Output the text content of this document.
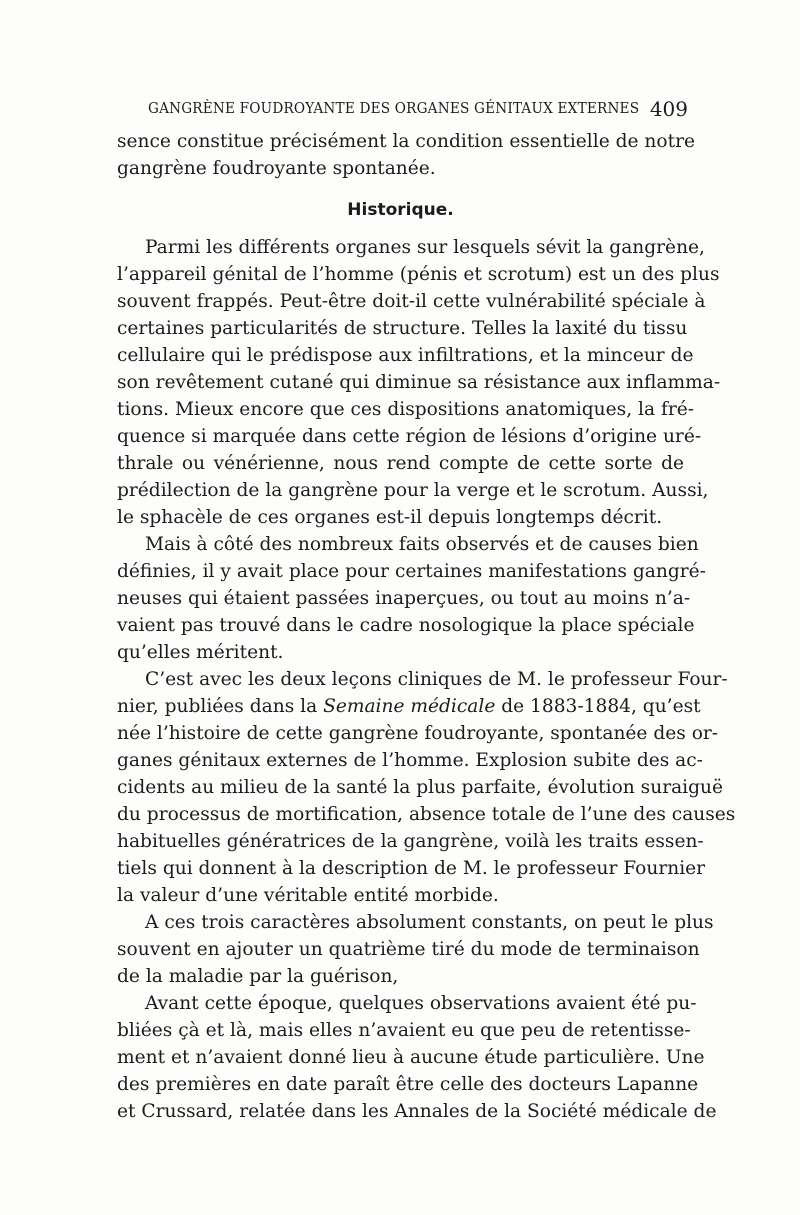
GANGRÈNE FOUDROYANTE DES ORGANES GÉNITAUX EXTERNES 409
sence constitue précisément la condition essentielle de notre
gangrène foudroyante spontanée.
Historique.
Parmi les différents organes sur lesquels sévit la gangrène,
l’appareil génital de l’homme (pénis et scrotum) est un des plus
souvent frappés. Peut-être doit-il cette vulnérabilité spéciale à
certaines particularités de structure. Telles la laxité du tissu
cellulaire qui le prédispose aux infiltrations, et la minceur de
son revêtement cutané qui diminue sa résistance aux inflamma-
tions. Mieux encore que ces dispositions anatomiques, la fré-
quence si marquée dans cette région de lésions d’origine uré-
thrale ou vénérienne, nous rend compte de cette sorte de
prédilection de la gangrène pour la verge et le scrotum. Aussi,
le sphacèle de ces organes est-il depuis longtemps décrit.
Mais à côté des nombreux faits observés et de causes bien
définies, il y avait place pour certaines manifestations gangré-
neuses qui étaient passées inaperçues, ou tout au moins n’a-
vaient pas trouvé dans le cadre nosologique la place spéciale
qu’elles méritent.
C’est avec les deux leçons cliniques de M. le professeur Four-
nier, publiées dans la Semaine médicale de 1883-1884, qu’est
née l’histoire de cette gangrène foudroyante, spontanée des or-
ganes génitaux externes de l’homme. Explosion subite des ac-
cidents au milieu de la santé la plus parfaite, évolution suraiguë
du processus de mortification, absence totale de l’une des causes
habituelles génératrices de la gangrène, voilà les traits essen-
tiels qui donnent à la description de M. le professeur Fournier
la valeur d’une véritable entité morbide.
A ces trois caractères absolument constants, on peut le plus
souvent en ajouter un quatrième tiré du mode de terminaison
de la maladie par la guérison,
Avant cette époque, quelques observations avaient été pu-
bliées çà et là, mais elles n’avaient eu que peu de retentisse-
ment et n’avaient donné lieu à aucune étude particulière. Une
des premières en date paraît être celle des docteurs Lapanne
et Crussard, relatée dans les Annales de la Société médicale de
